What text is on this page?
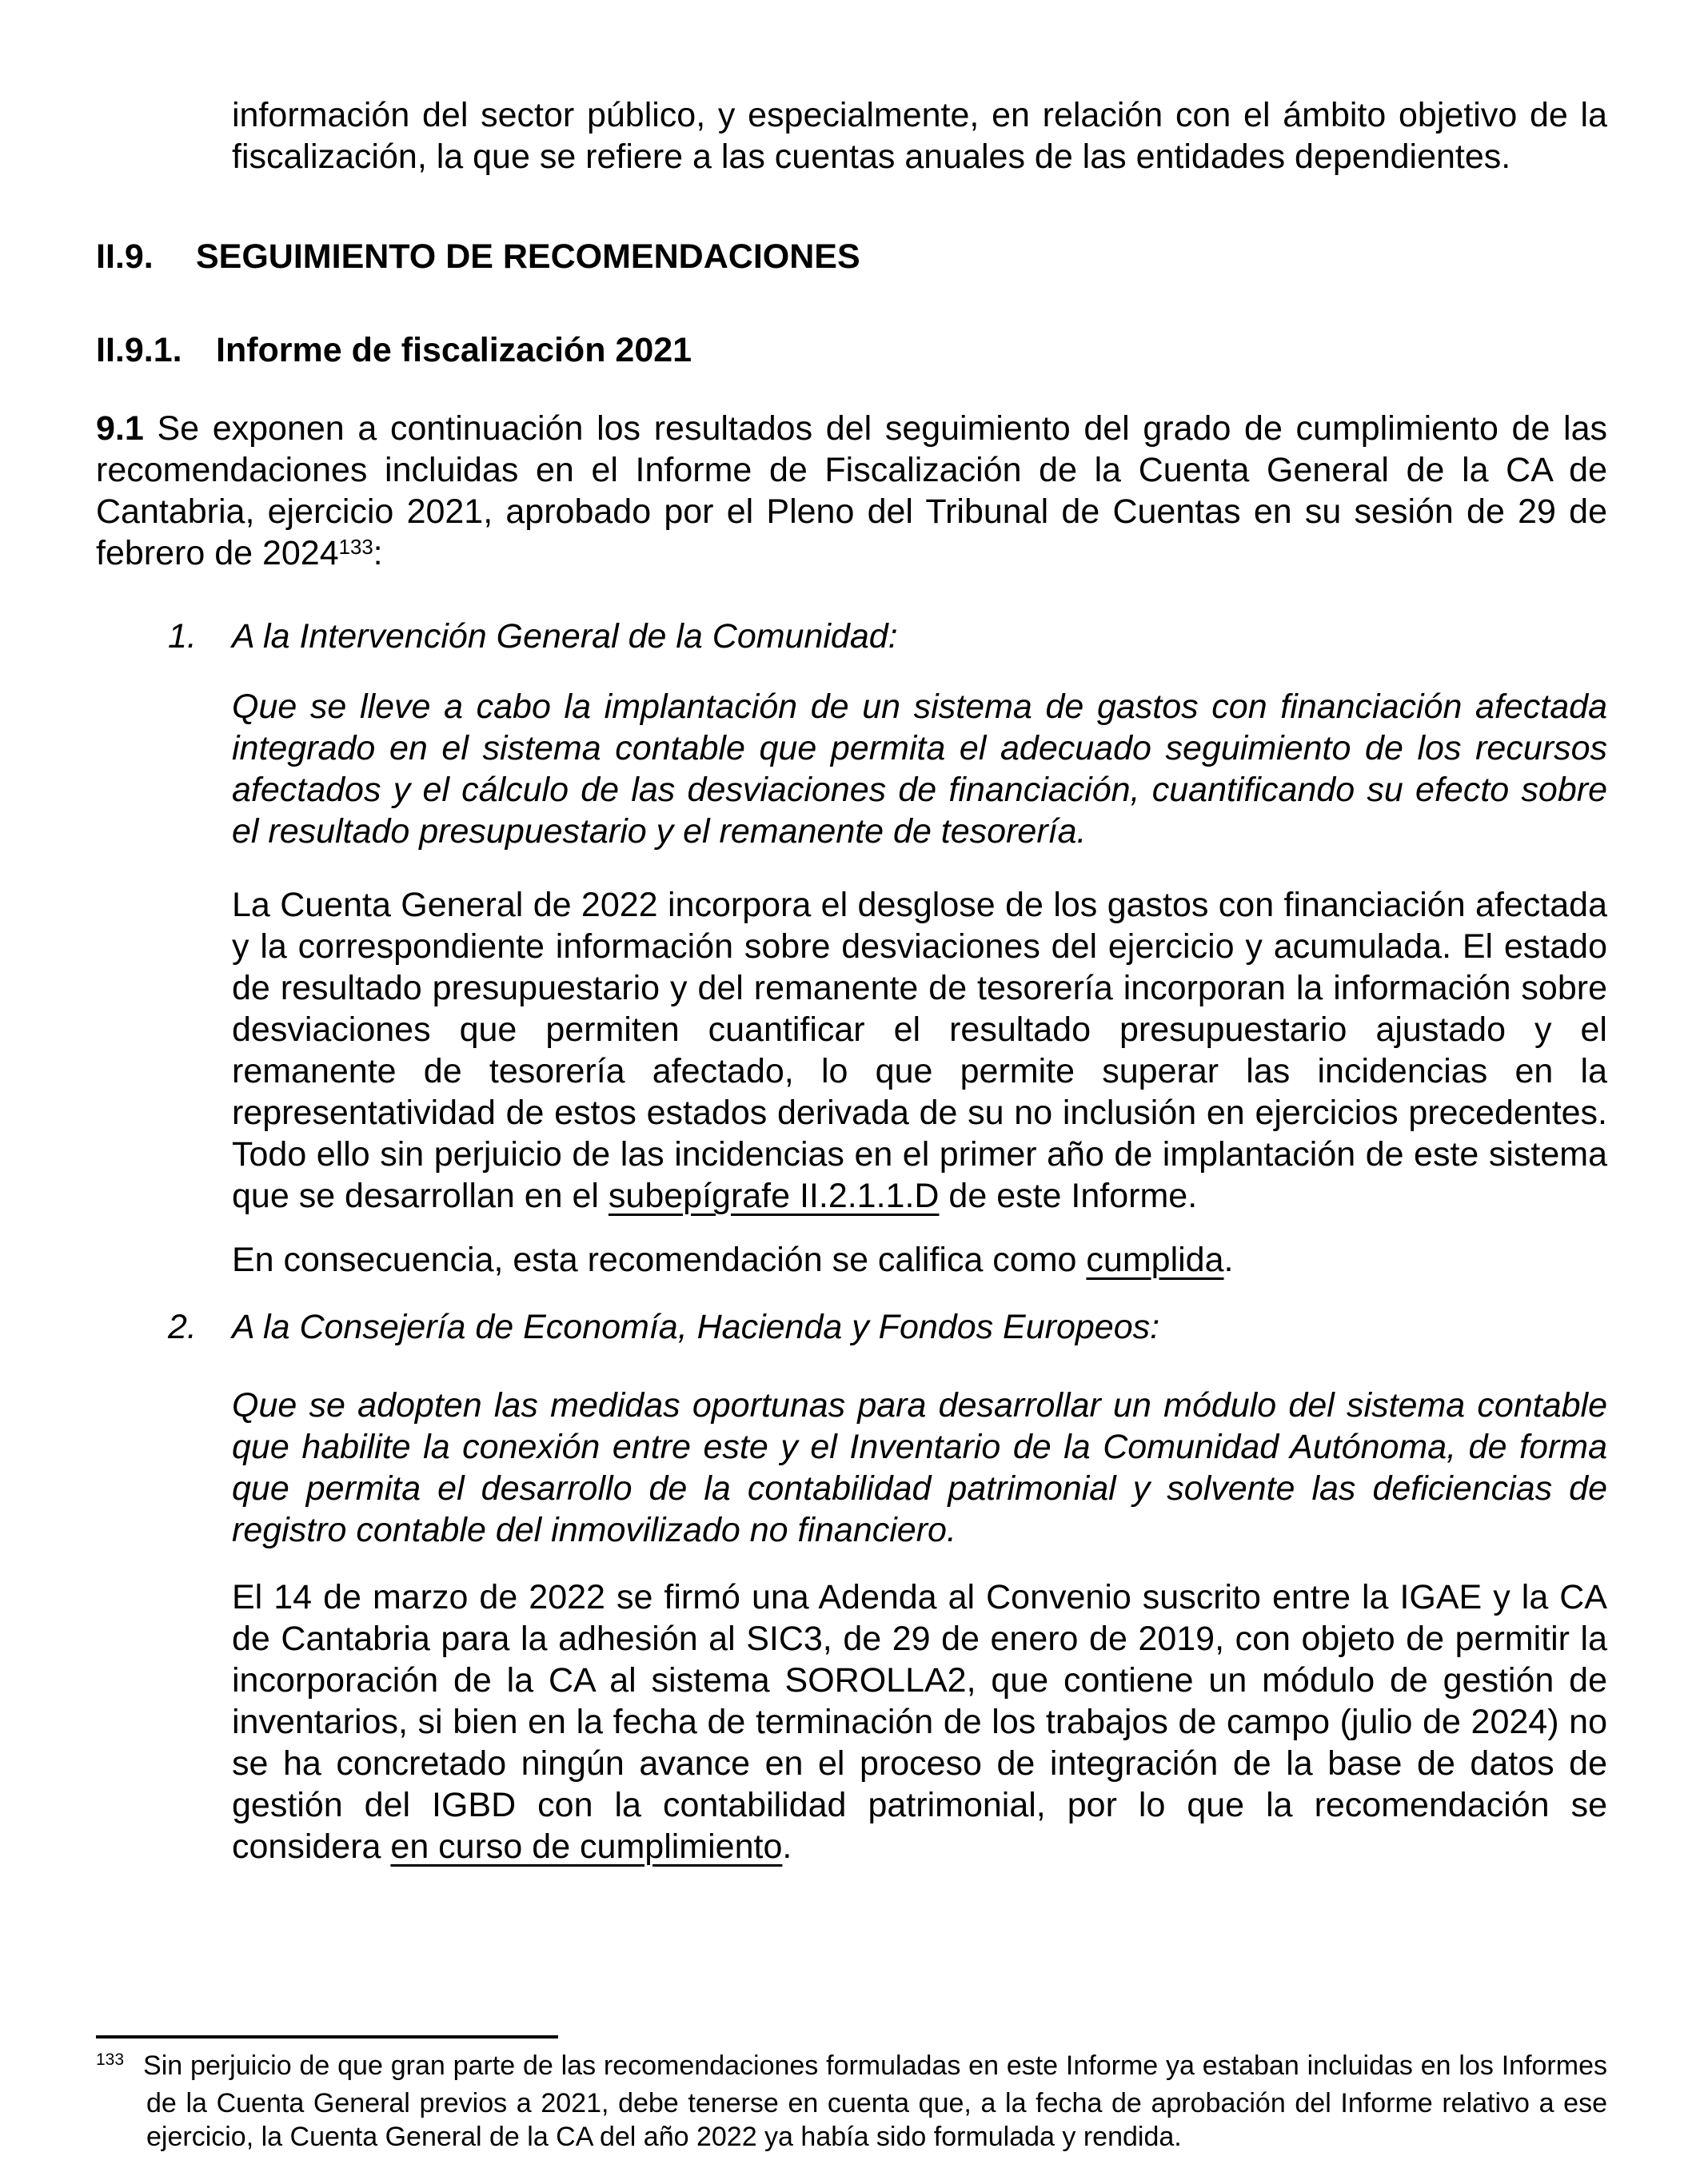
información del sector público, y especialmente, en relación con el ámbito objetivo de la fiscalización, la que se refiere a las cuentas anuales de las entidades dependientes.
II.9. SEGUIMIENTO DE RECOMENDACIONES
II.9.1. Informe de fiscalización 2021
9.1 Se exponen a continuación los resultados del seguimiento del grado de cumplimiento de las recomendaciones incluidas en el Informe de Fiscalización de la Cuenta General de la CA de Cantabria, ejercicio 2021, aprobado por el Pleno del Tribunal de Cuentas en su sesión de 29 de febrero de 2024$^{133}$:
1. A la Intervención General de la Comunidad:
Que se lleve a cabo la implantación de un sistema de gastos con financiación afectada integrado en el sistema contable que permita el adecuado seguimiento de los recursos afectados y el cálculo de las desviaciones de financiación, cuantificando su efecto sobre el resultado presupuestario y el remanente de tesorería.
La Cuenta General de 2022 incorpora el desglose de los gastos con financiación afectada y la correspondiente información sobre desviaciones del ejercicio y acumulada. El estado de resultado presupuestario y del remanente de tesorería incorporan la información sobre desviaciones que permiten cuantificar el resultado presupuestario ajustado y el remanente de tesorería afectado, lo que permite superar las incidencias en la representatividad de estos estados derivada de su no inclusión en ejercicios precedentes. Todo ello sin perjuicio de las incidencias en el primer año de implantación de este sistema que se desarrollan en el subepígrafe II.2.1.1.D de este Informe.
En consecuencia, esta recomendación se califica como cumplida.
2. A la Consejería de Economía, Hacienda y Fondos Europeos:
Que se adopten las medidas oportunas para desarrollar un módulo del sistema contable que habilite la conexión entre este y el Inventario de la Comunidad Autónoma, de forma que permita el desarrollo de la contabilidad patrimonial y solvente las deficiencias de registro contable del inmovilizado no financiero.
El 14 de marzo de 2022 se firmó una Adenda al Convenio suscrito entre la IGAE y la CA de Cantabria para la adhesión al SIC3, de 29 de enero de 2019, con objeto de permitir la incorporación de la CA al sistema SOROLLA2, que contiene un módulo de gestión de inventarios, si bien en la fecha de terminación de los trabajos de campo (julio de 2024) no se ha concretado ningún avance en el proceso de integración de la base de datos de gestión del IGBD con la contabilidad patrimonial, por lo que la recomendación se considera en curso de cumplimiento.
$^{133}$ Sin perjuicio de que gran parte de las recomendaciones formuladas en este Informe ya estaban incluidas en los Informes de la Cuenta General previos a 2021, debe tenerse en cuenta que, a la fecha de aprobación del Informe relativo a ese ejercicio, la Cuenta General de la CA del año 2022 ya había sido formulada y rendida.
